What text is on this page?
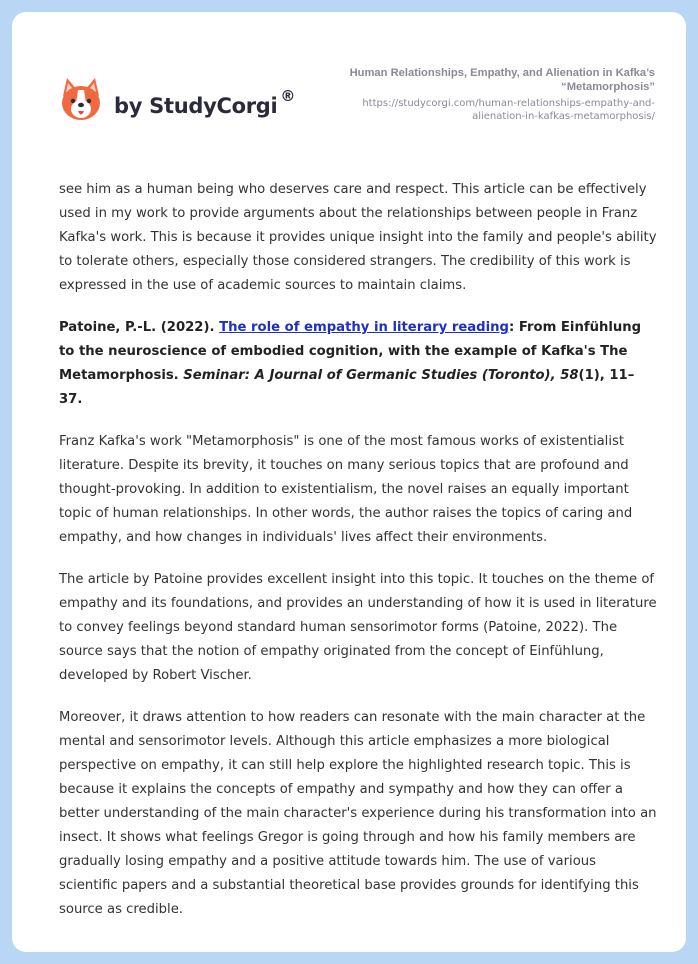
by StudyCorgi ®
Human Relationships, Empathy, and Alienation in Kafka’s “Metamorphosis”
https://studycorgi.com/human-relationships-empathy-and-
alienation-in-kafkas-metamorphosis/

see him as a human being who deserves care and respect. This article can be effectively used in my work to provide arguments about the relationships between people in Franz Kafka's work. This is because it provides unique insight into the family and people's ability to tolerate others, especially those considered strangers. The credibility of this work is expressed in the use of academic sources to maintain claims.

Patoine, P.-L. (2022). The role of empathy in literary reading: From Einfühlung to the neuroscience of embodied cognition, with the example of Kafka's The Metamorphosis. Seminar: A Journal of Germanic Studies (Toronto), 58(1), 11–37.

Franz Kafka's work "Metamorphosis" is one of the most famous works of existentialist literature. Despite its brevity, it touches on many serious topics that are profound and thought-provoking. In addition to existentialism, the novel raises an equally important topic of human relationships. In other words, the author raises the topics of caring and empathy, and how changes in individuals' lives affect their environments.

The article by Patoine provides excellent insight into this topic. It touches on the theme of empathy and its foundations, and provides an understanding of how it is used in literature to convey feelings beyond standard human sensorimotor forms (Patoine, 2022). The source says that the notion of empathy originated from the concept of Einfühlung, developed by Robert Vischer.

Moreover, it draws attention to how readers can resonate with the main character at the mental and sensorimotor levels. Although this article emphasizes a more biological perspective on empathy, it can still help explore the highlighted research topic. This is because it explains the concepts of empathy and sympathy and how they can offer a better understanding of the main character's experience during his transformation into an insect. It shows what feelings Gregor is going through and how his family members are gradually losing empathy and a positive attitude towards him. The use of various scientific papers and a substantial theoretical base provides grounds for identifying this source as credible.
